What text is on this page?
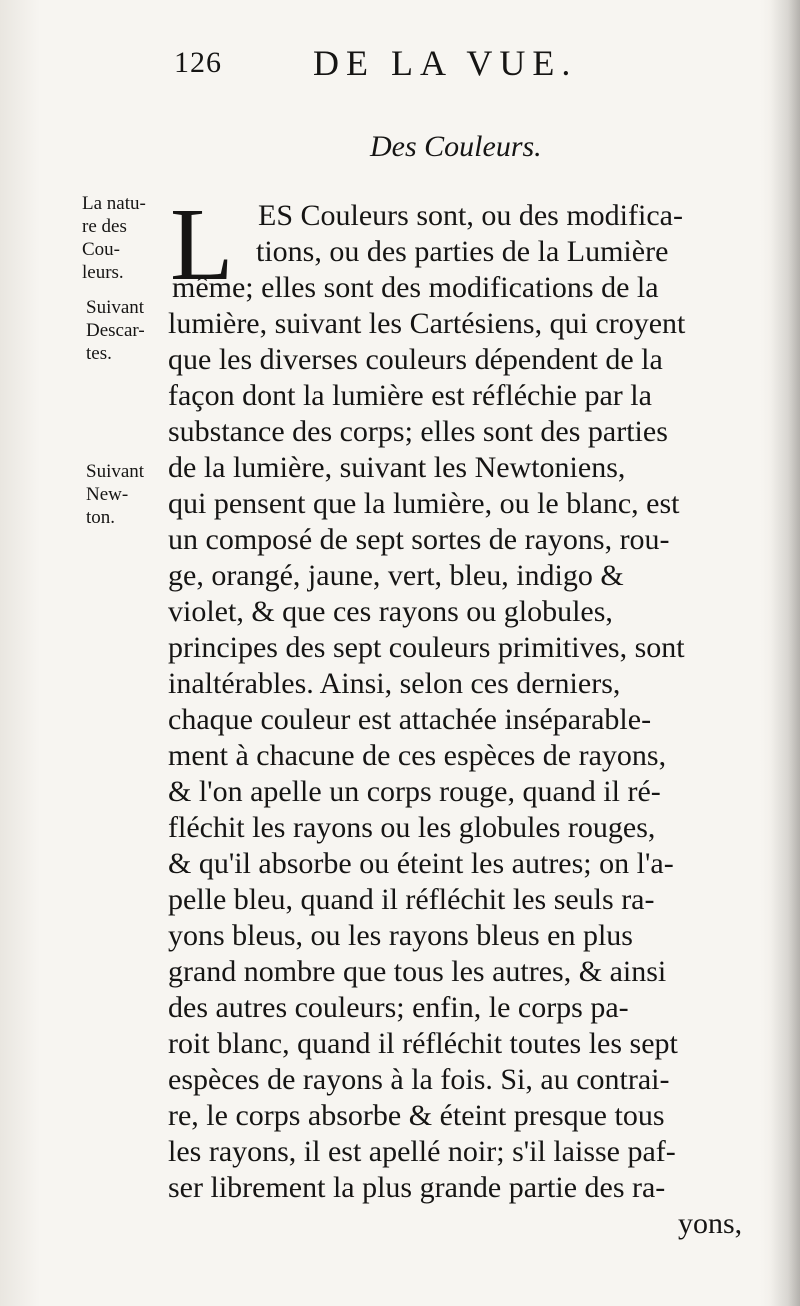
126	DE LA VUE.
Des Couleurs.
La natu-
re des
Cou-
leurs.
Suivant
Descar-
tes.
Suivant
New-
ton.
L ES Couleurs sont, ou des modifica-
tions, ou des parties de la Lumière
même; elles sont des modifications de la
lumière, suivant les Cartésiens, qui croyent
que les diverses couleurs dépendent de la
façon dont la lumière est réfléchie par la
substance des corps; elles sont des parties
de la lumière, suivant les Newtoniens,
qui pensent que la lumière, ou le blanc, est
un composé de sept sortes de rayons, rou-
ge, orangé, jaune, vert, bleu, indigo &
violet, & que ces rayons ou globules,
principes des sept couleurs primitives, sont
inaltérables. Ainsi, selon ces derniers,
chaque couleur est attachée inséparable-
ment à chacune de ces espèces de rayons,
& l'on apelle un corps rouge, quand il ré-
fléchit les rayons ou les globules rouges,
& qu'il absorbe ou éteint les autres; on l'a-
pelle bleu, quand il réfléchit les seuls ra-
yons bleus, ou les rayons bleus en plus
grand nombre que tous les autres, & ainsi
des autres couleurs; enfin, le corps pa-
roit blanc, quand il réfléchit toutes les sept
espèces de rayons à la fois. Si, au contrai-
re, le corps absorbe & éteint presque tous
les rayons, il est apellé noir; s'il laisse paf-
ser librement la plus grande partie des ra-
yons,
